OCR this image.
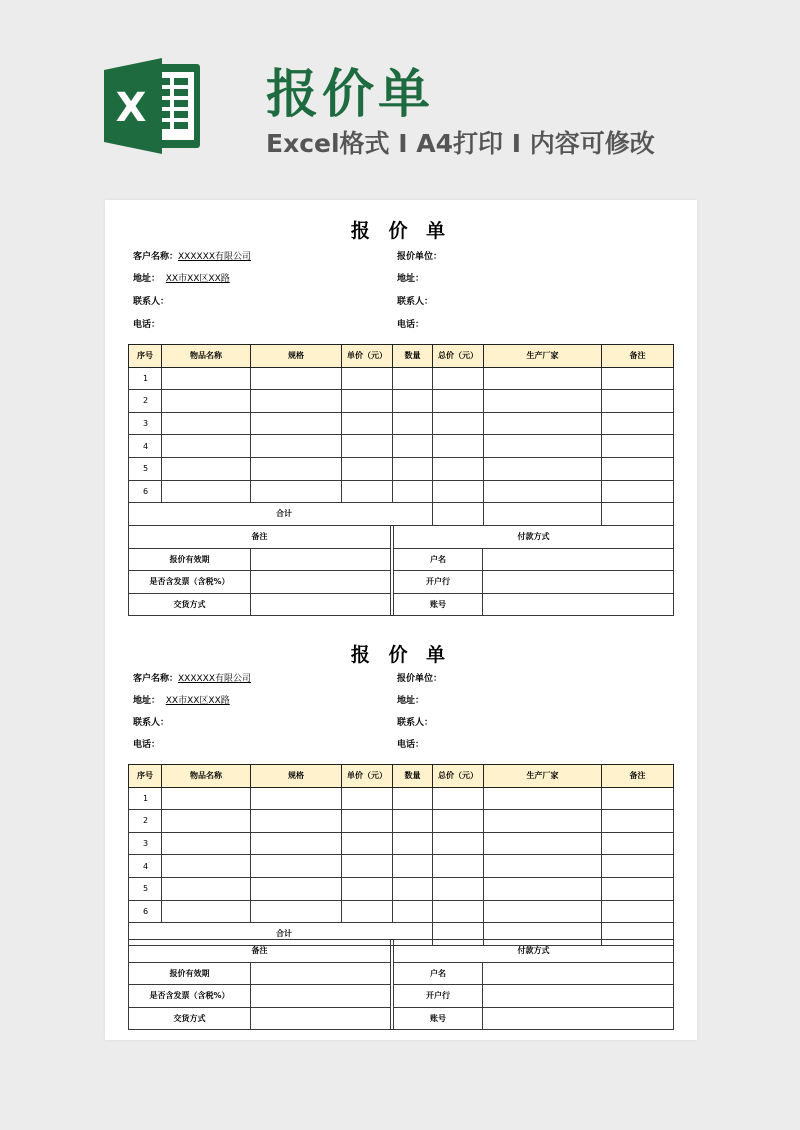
X 报价单
Excel格式 I A4打印 I 内容可修改
报 价 单
客户名称：XXXXXX有限公司
地址： XX市XX区XX路
联系人：
电话：
报价单位：
地址：
联系人：
电话：
序号	物品名称	规格	单价（元）	数量	总价（元）	生产厂家	备注
1							
2							
3							
4							
5							
6							
合计							
备注			付款方式	
报价有效期			户名	
是否含发票（含税%）			开户行	
交货方式			账号	
报 价 单
客户名称：XXXXXX有限公司
地址： XX市XX区XX路
联系人：
电话：
报价单位：
地址：
联系人：
电话：
序号	物品名称	规格	单价（元）	数量	总价（元）	生产厂家	备注
1							
2							
3							
4							
5							
6							
合计							
备注			付款方式	
报价有效期			户名	
是否含发票（含税%）			开户行	
交货方式			账号	
